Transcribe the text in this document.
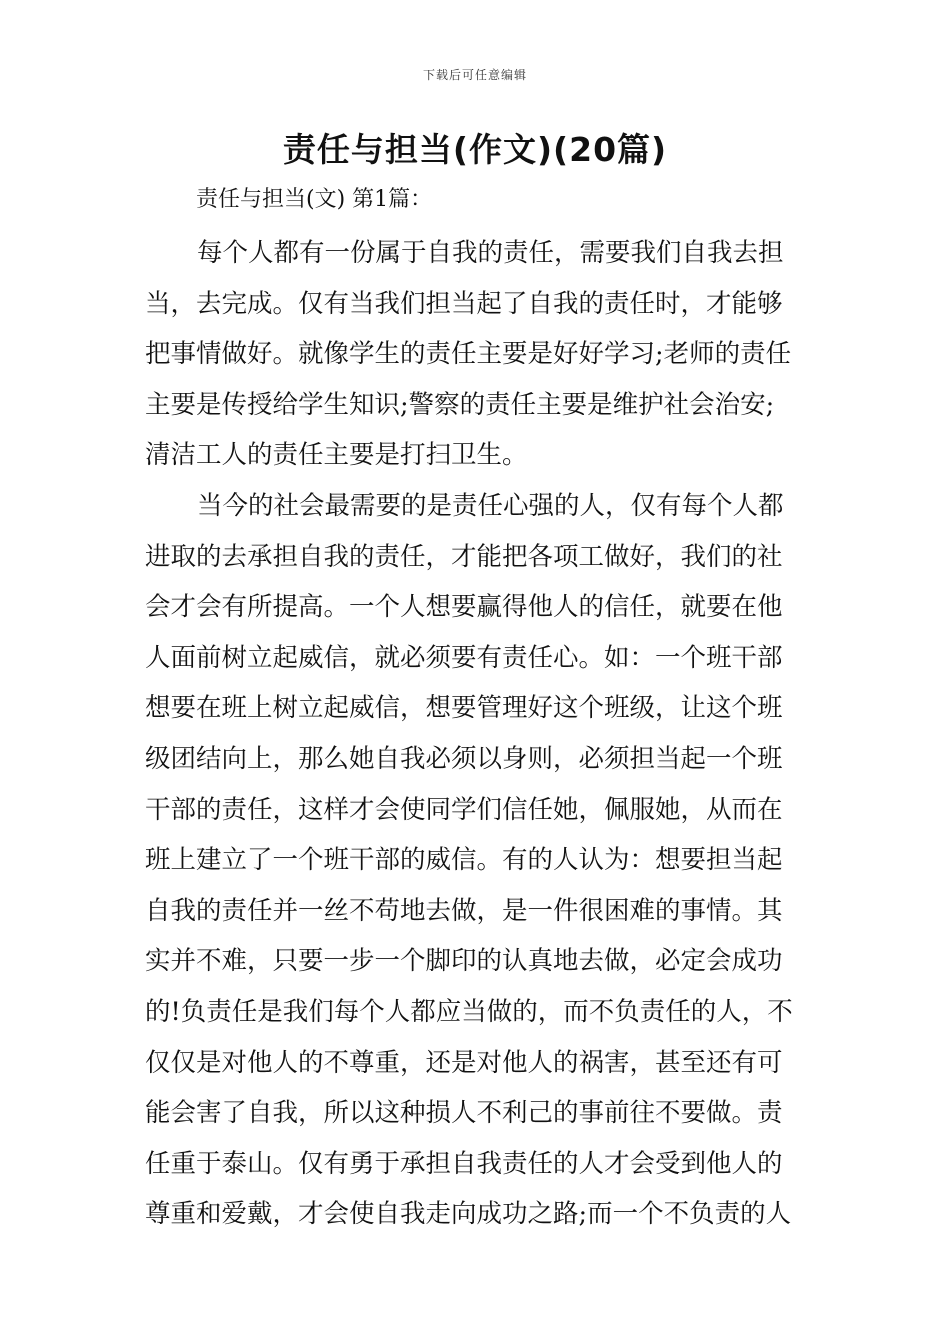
下载后可任意编辑
责任与担当(作文)(20篇)
责任与担当(文) 第1篇：
每个人都有一份属于自我的责任，需要我们自我去担
当，去完成。仅有当我们担当起了自我的责任时，才能够
把事情做好。就像学生的责任主要是好好学习;老师的责任
主要是传授给学生知识;警察的责任主要是维护社会治安;
清洁工人的责任主要是打扫卫生。
当今的社会最需要的是责任心强的人，仅有每个人都
进取的去承担自我的责任，才能把各项工做好，我们的社
会才会有所提高。一个人想要赢得他人的信任，就要在他
人面前树立起威信，就必须要有责任心。如：一个班干部
想要在班上树立起威信，想要管理好这个班级，让这个班
级团结向上，那么她自我必须以身则，必须担当起一个班
干部的责任，这样才会使同学们信任她，佩服她，从而在
班上建立了一个班干部的威信。有的人认为：想要担当起
自我的责任并一丝不苟地去做，是一件很困难的事情。其
实并不难，只要一步一个脚印的认真地去做，必定会成功
的!负责任是我们每个人都应当做的，而不负责任的人，不
仅仅是对他人的不尊重，还是对他人的祸害，甚至还有可
能会害了自我，所以这种损人不利己的事前往不要做。责
任重于泰山。仅有勇于承担自我责任的人才会受到他人的
尊重和爱戴，才会使自我走向成功之路;而一个不负责的人
